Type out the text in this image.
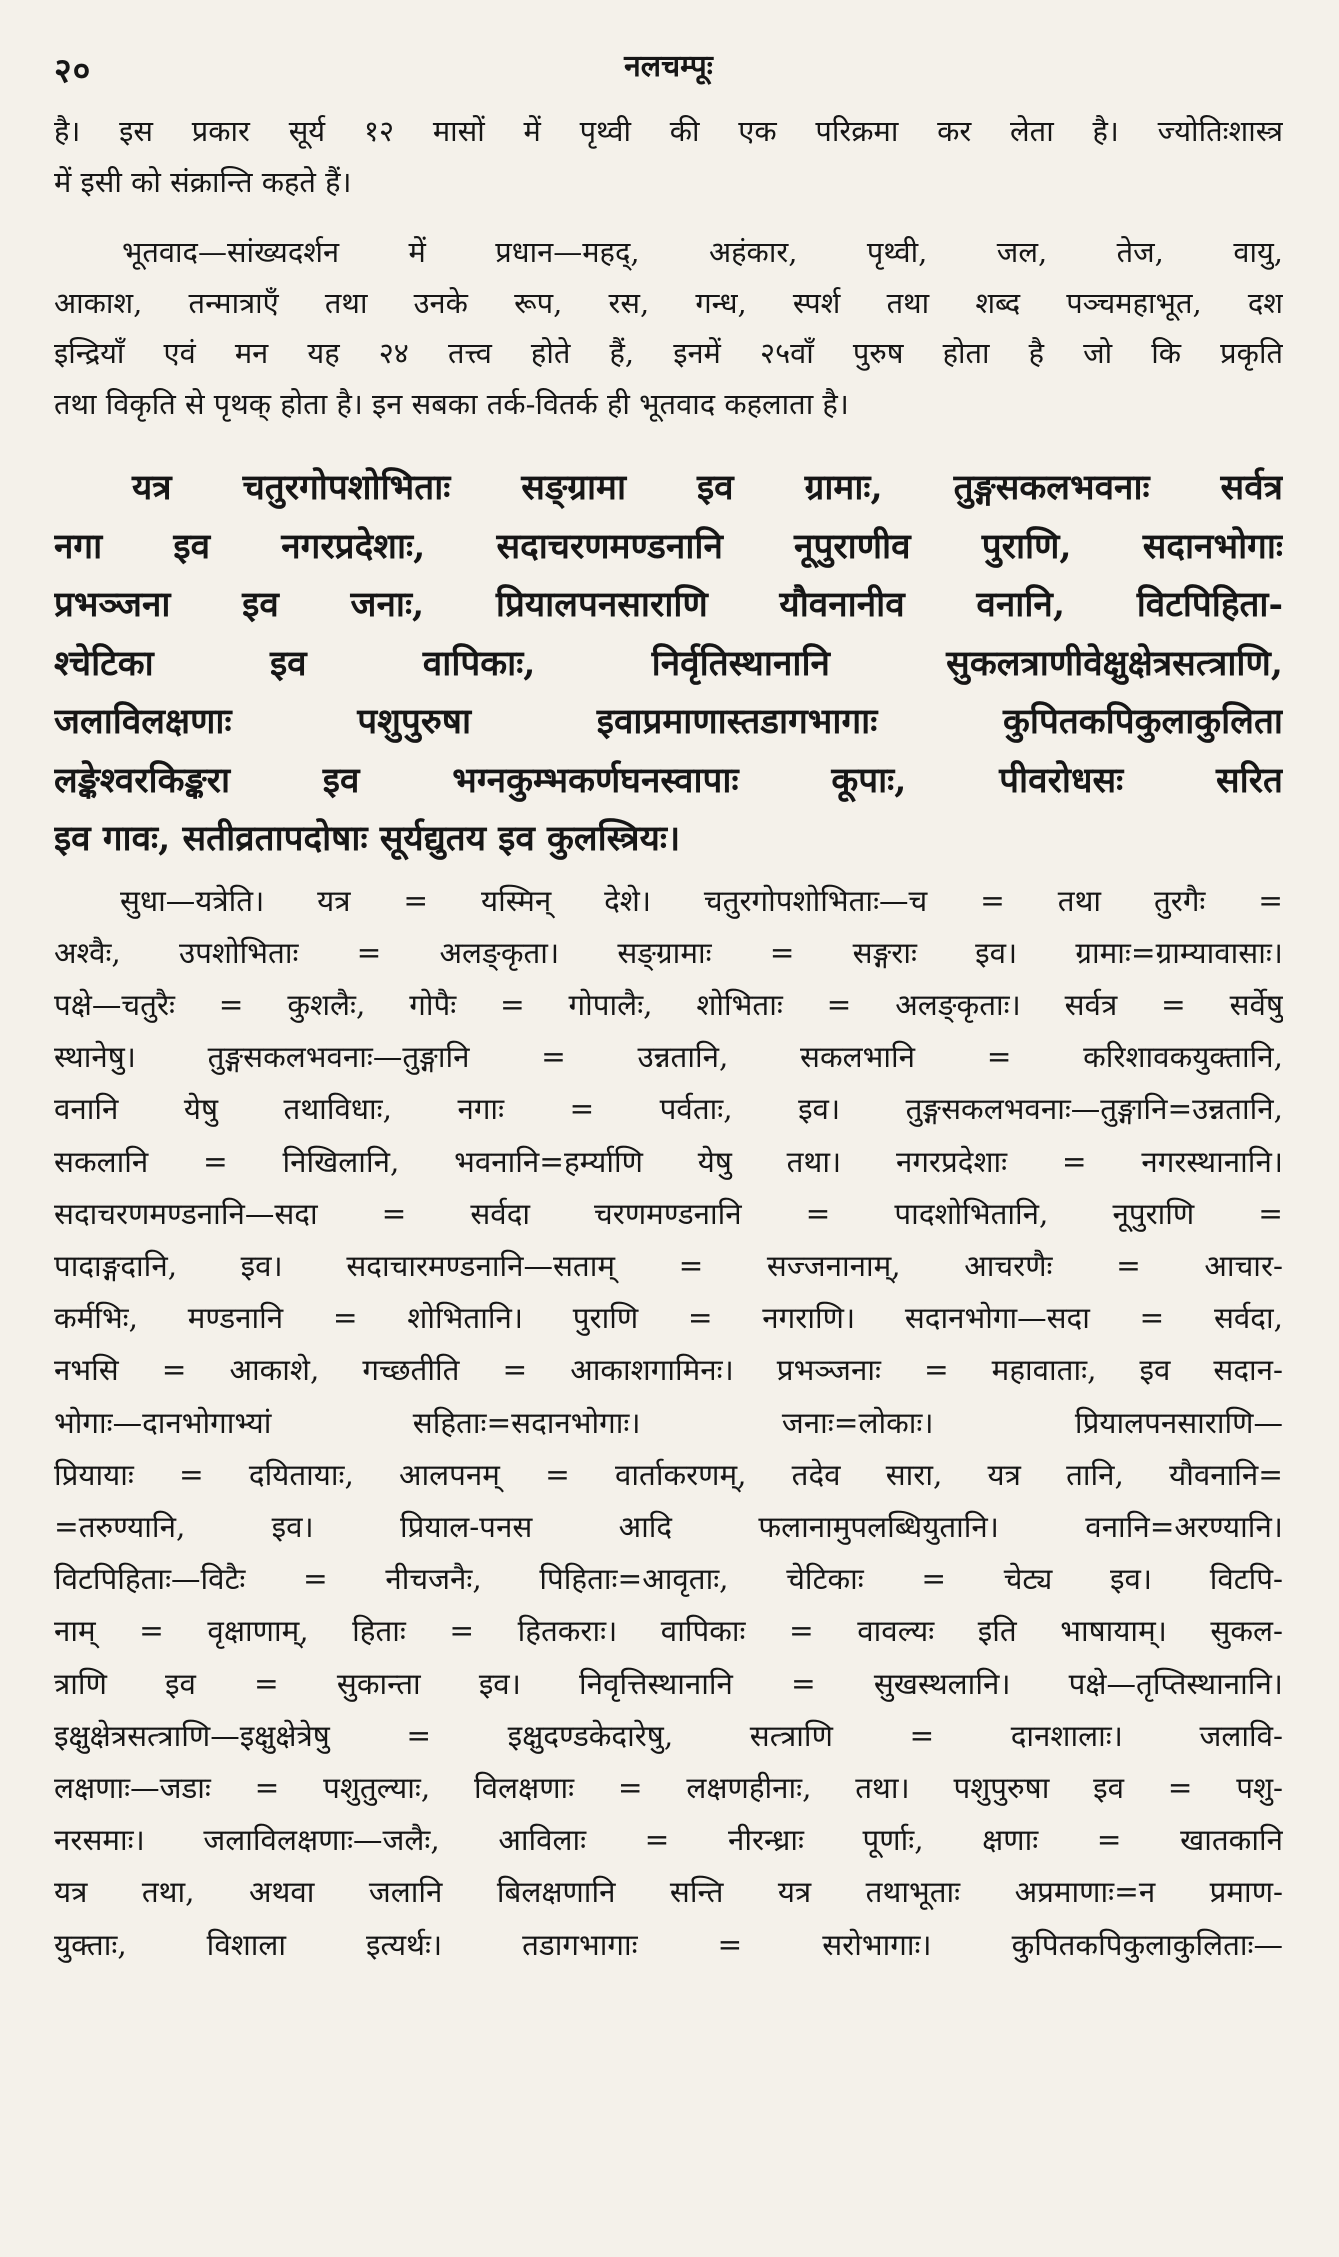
२०	नलचम्पूः
है। इस प्रकार सूर्य १२ मासों में पृथ्वी की एक परिक्रमा कर लेता है। ज्योतिःशास्त्र
में इसी को संक्रान्ति कहते हैं।
भूतवाद—सांख्यदर्शन में प्रधान—महद्, अहंकार, पृथ्वी, जल, तेज, वायु,
आकाश, तन्मात्राएँ तथा उनके रूप, रस, गन्ध, स्पर्श तथा शब्द पञ्चमहाभूत, दश
इन्द्रियाँ एवं मन यह २४ तत्त्व होते हैं, इनमें २५वाँ पुरुष होता है जो कि प्रकृति
तथा विकृति से पृथक् होता है। इन सबका तर्क-वितर्क ही भूतवाद कहलाता है।
यत्र चतुरगोपशोभिताः सङ्ग्रामा इव ग्रामाः, तुङ्गसकलभवनाः सर्वत्र
नगा इव नगरप्रदेशाः, सदाचरणमण्डनानि नूपुराणीव पुराणि, सदानभोगाः
प्रभञ्जना इव जनाः, प्रियालपनसाराणि यौवनानीव वनानि, विटपिहिता-
श्चेटिका इव वापिकाः, निर्वृतिस्थानानि सुकलत्राणीवेक्षुक्षेत्रसत्त्राणि,
जलाविलक्षणाः पशुपुरुषा इवाप्रमाणास्तडागभागाः कुपितकपिकुलाकुलिता
लङ्केश्वरकिङ्करा इव भग्नकुम्भकर्णघनस्वापाः कूपाः, पीवरोधसः सरित
इव गावः, सतीव्रतापदोषाः सूर्यद्युतय इव कुलस्त्रियः।
सुधा—यत्रेति। यत्र = यस्मिन् देशे। चतुरगोपशोभिताः—च = तथा तुरगैः =
अश्वैः, उपशोभिताः = अलङ्कृता। सङ्ग्रामाः = सङ्गराः इव। ग्रामाः=ग्राम्यावासाः।
पक्षे—चतुरैः = कुशलैः, गोपैः = गोपालैः, शोभिताः = अलङ्कृताः। सर्वत्र = सर्वेषु
स्थानेषु। तुङ्गसकलभवनाः—तुङ्गानि = उन्नतानि, सकलभानि = करिशावकयुक्तानि,
वनानि येषु तथाविधाः, नगाः = पर्वताः, इव। तुङ्गसकलभवनाः—तुङ्गानि=उन्नतानि,
सकलानि = निखिलानि, भवनानि=हर्म्याणि येषु तथा। नगरप्रदेशाः = नगरस्थानानि।
सदाचरणमण्डनानि—सदा = सर्वदा चरणमण्डनानि = पादशोभितानि, नूपुराणि =
पादाङ्गदानि, इव। सदाचारमण्डनानि—सताम् = सज्जनानाम्, आचरणैः = आचार-
कर्मभिः, मण्डनानि = शोभितानि। पुराणि = नगराणि। सदानभोगा—सदा = सर्वदा,
नभसि = आकाशे, गच्छतीति = आकाशगामिनः। प्रभञ्जनाः = महावाताः, इव सदान-
भोगाः—दानभोगाभ्यां सहिताः=सदानभोगाः। जनाः=लोकाः। प्रियालपनसाराणि—
प्रियायाः = दयितायाः, आलपनम् = वार्ताकरणम्, तदेव सारा, यत्र तानि, यौवनानि=
=तरुण्यानि, इव। प्रियाल-पनस आदि फलानामुपलब्धियुतानि। वनानि=अरण्यानि।
विटपिहिताः—विटैः = नीचजनैः, पिहिताः=आवृताः, चेटिकाः = चेट्य इव। विटपि-
नाम् = वृक्षाणाम्, हिताः = हितकराः। वापिकाः = वावल्यः इति भाषायाम्। सुकल-
त्राणि इव = सुकान्ता इव। निवृत्तिस्थानानि = सुखस्थलानि। पक्षे—तृप्तिस्थानानि।
इक्षुक्षेत्रसत्त्राणि—इक्षुक्षेत्रेषु = इक्षुदण्डकेदारेषु, सत्त्राणि = दानशालाः। जलावि-
लक्षणाः—जडाः = पशुतुल्याः, विलक्षणाः = लक्षणहीनाः, तथा। पशुपुरुषा इव = पशु-
नरसमाः। जलाविलक्षणाः—जलैः, आविलाः = नीरन्ध्राः पूर्णाः, क्षणाः = खातकानि
यत्र तथा, अथवा जलानि बिलक्षणानि सन्ति यत्र तथाभूताः अप्रमाणाः=न प्रमाण-
युक्ताः, विशाला इत्यर्थः। तडागभागाः = सरोभागाः। कुपितकपिकुलाकुलिताः—
